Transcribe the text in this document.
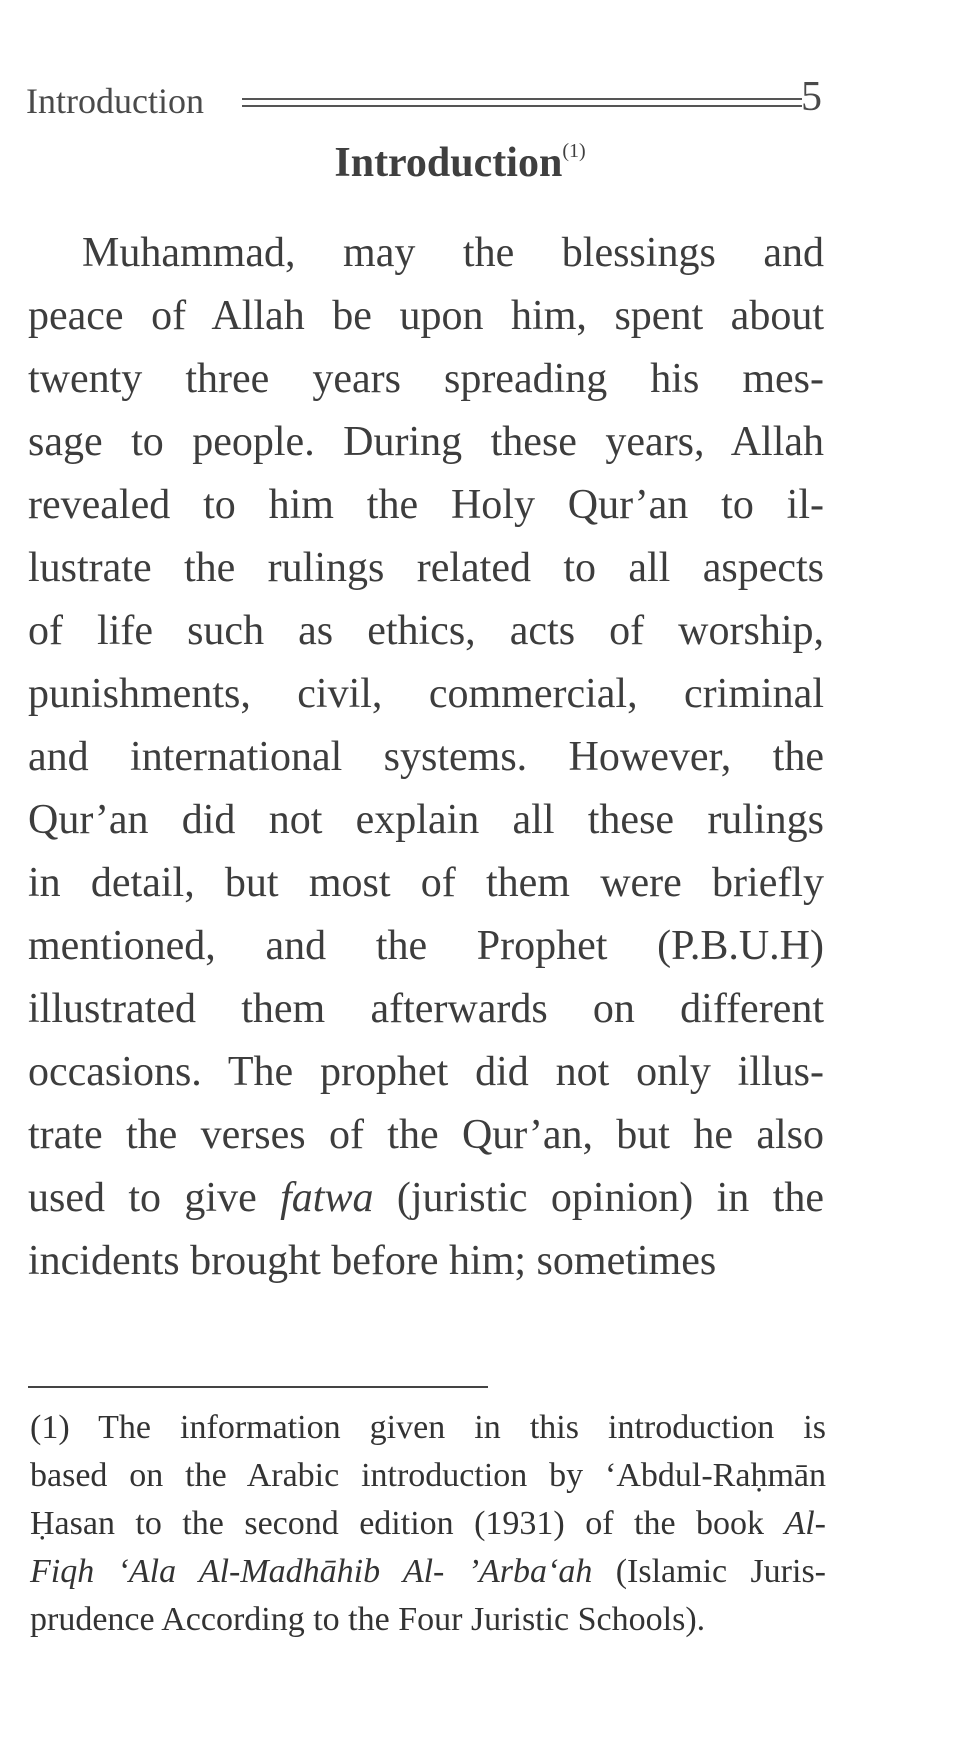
Introduction	5
Introduction$^{(1)}$
Muhammad, may the blessings and
peace of Allah be upon him, spent about
twenty three years spreading his mes-
sage to people. During these years, Allah
revealed to him the Holy Qur’an to il-
lustrate the rulings related to all aspects
of life such as ethics, acts of worship,
punishments, civil, commercial, criminal
and international systems. However, the
Qur’an did not explain all these rulings
in detail, but most of them were briefly
mentioned, and the Prophet (P.B.U.H)
illustrated them afterwards on different
occasions. The prophet did not only illus-
trate the verses of the Qur’an, but he also
used to give fatwa (juristic opinion) in the
incidents brought before him; sometimes
(1) The information given in this introduction is
based on the Arabic introduction by ‘Abdul-Raḥmān
Ḥasan to the second edition (1931) of the book Al-
Fiqh ‘Ala Al-Madhāhib Al- ’Arba‘ah (Islamic Juris-
prudence According to the Four Juristic Schools).
